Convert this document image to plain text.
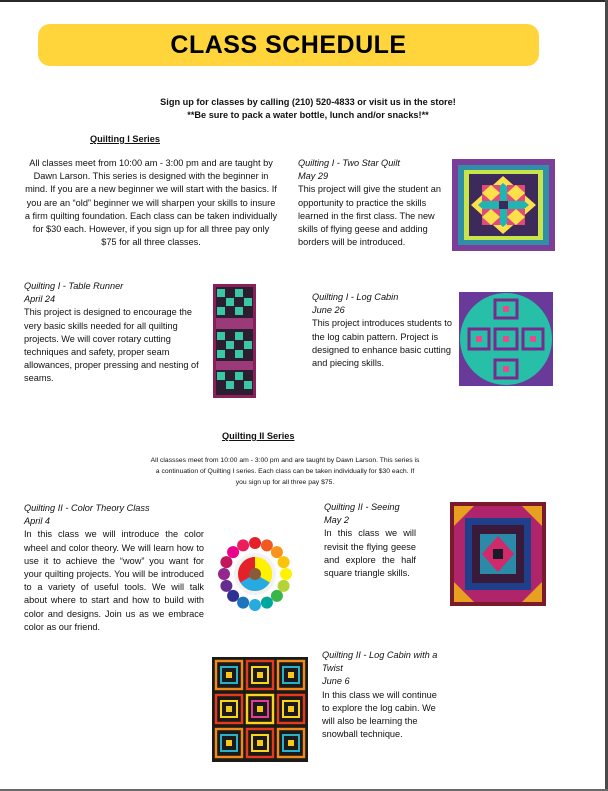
CLASS SCHEDULE
Sign up for classes by calling (210) 520-4833 or visit us in the store!
**Be sure to pack a water bottle, lunch and/or snacks!**
Quilting I Series
All classes meet from 10:00 am - 3:00 pm and are taught by Dawn Larson. This series is designed with the beginner in mind. If you are a new beginner we will start with the basics. If you are an “old” beginner we will sharpen your skills to insure a firm quilting foundation. Each class can be taken individually for $30 each. However, if you sign up for all three pay only $75 for all three classes.
Quilting I - Two Star Quilt
May 29
This project will give the student an opportunity to practice the skills learned in the first class. The new skills of flying geese and adding borders will be introduced.
Quilting I - Table Runner
April 24
This project is designed to encourage the very basic skills needed for all quilting projects. We will cover rotary cutting techniques and safety, proper seam allowances, proper pressing and nesting of seams.
Quilting I - Log Cabin
June 26
This project introduces students to the log cabin pattern. Project is designed to enhance basic cutting and piecing skills.
Quilting II Series
All classses meet from 10:00 am - 3:00 pm and are taught by Dawn Larson. This series is a continuation of Quilting I series. Each class can be taken individually for $30 each. If you sign up for all three pay $75.
Quilting II - Color Theory Class
April 4
In this class we will introduce the color wheel and color theory. We will learn how to use it to achieve the “wow” you want for your quilting projects. You will be introduced to a variety of useful tools. We will talk about where to start and how to build with color and designs. Join us as we embrace color as our friend.
Quilting II - Seeing
May 2
In this class we will revisit the flying geese and explore the half square triangle skills.
Quilting II - Log Cabin with a Twist
June 6
In this class we will continue to explore the log cabin. We will also be learning the snowball technique.
